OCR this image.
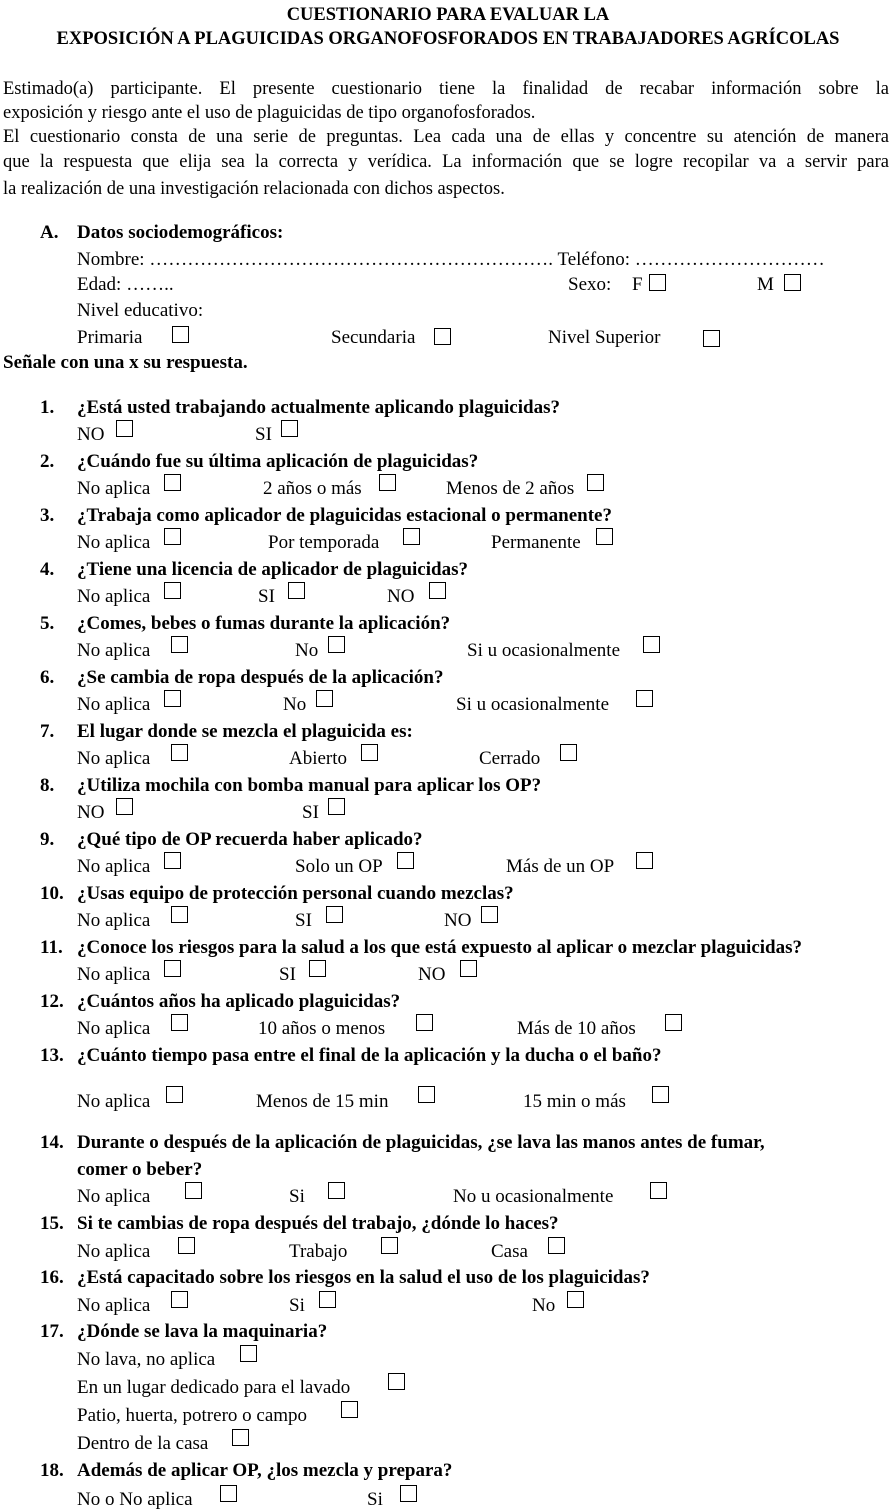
CUESTIONARIO PARA EVALUAR LA
EXPOSICIÓN A PLAGUICIDAS ORGANOFOSFORADOS EN TRABAJADORES AGRÍCOLAS
Estimado(a) participante. El presente cuestionario tiene la finalidad de recabar información sobre la
exposición y riesgo ante el uso de plaguicidas de tipo organofosforados.
El cuestionario consta de una serie de preguntas. Lea cada una de ellas y concentre su atención de manera
que la respuesta que elija sea la correcta y verídica. La información que se logre recopilar va a servir para
la realización de una investigación relacionada con dichos aspectos.
A. Datos sociodemográficos:
Nombre: ………………………………………………………. Teléfono: …………………………
Edad: ……..	Sexo: F	M
Nivel educativo:
Primaria	Secundaria	Nivel Superior
Señale con una x su respuesta.
1. ¿Está usted trabajando actualmente aplicando plaguicidas?
NO	SI
2. ¿Cuándo fue su última aplicación de plaguicidas?
No aplica	2 años o más	Menos de 2 años
3. ¿Trabaja como aplicador de plaguicidas estacional o permanente?
No aplica	Por temporada	Permanente
4. ¿Tiene una licencia de aplicador de plaguicidas?
No aplica	SI	NO
5. ¿Comes, bebes o fumas durante la aplicación?
No aplica	No	Si u ocasionalmente
6. ¿Se cambia de ropa después de la aplicación?
No aplica	No	Si u ocasionalmente
7. El lugar donde se mezcla el plaguicida es:
No aplica	Abierto	Cerrado
8. ¿Utiliza mochila con bomba manual para aplicar los OP?
NO	SI
9. ¿Qué tipo de OP recuerda haber aplicado?
No aplica	Solo un OP	Más de un OP
10. ¿Usas equipo de protección personal cuando mezclas?
No aplica	SI	NO
11. ¿Conoce los riesgos para la salud a los que está expuesto al aplicar o mezclar plaguicidas?
No aplica	SI	NO
12. ¿Cuántos años ha aplicado plaguicidas?
No aplica	10 años o menos	Más de 10 años
13. ¿Cuánto tiempo pasa entre el final de la aplicación y la ducha o el baño?
No aplica	Menos de 15 min	15 min o más
14. Durante o después de la aplicación de plaguicidas, ¿se lava las manos antes de fumar,
comer o beber?
No aplica	Si	No u ocasionalmente
15. Si te cambias de ropa después del trabajo, ¿dónde lo haces?
No aplica	Trabajo	Casa
16. ¿Está capacitado sobre los riesgos en la salud el uso de los plaguicidas?
No aplica	Si	No
17. ¿Dónde se lava la maquinaria?
No lava, no aplica
En un lugar dedicado para el lavado
Patio, huerta, potrero o campo
Dentro de la casa
18. Además de aplicar OP, ¿los mezcla y prepara?
No o No aplica	Si
